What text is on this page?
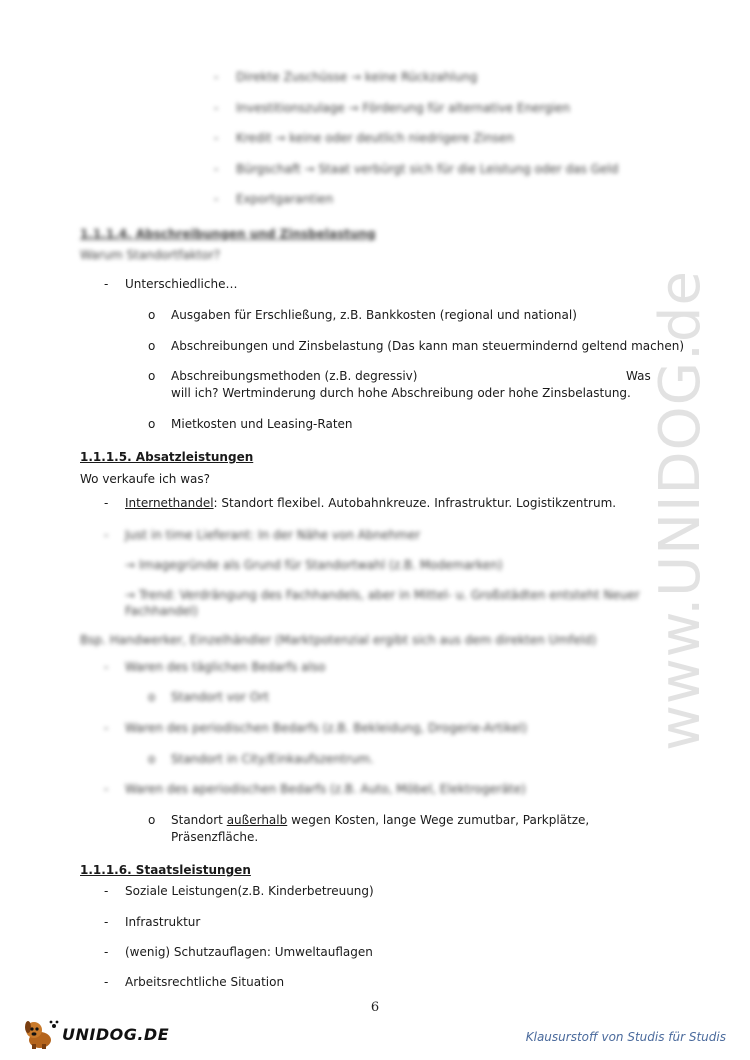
- Direkte Zuschüsse → keine Rückzahlung
- Investitionszulage → Förderung für alternative Energien
- Kredit → keine oder deutlich niedrigere Zinsen
- Bürgschaft → Staat verbürgt sich für die Leistung oder das Geld
- Exportgarantien
1.1.1.4. Abschreibungen und Zinsbelastung
Warum Standortfaktor?
- Unterschiedliche…
o Ausgaben für Erschließung, z.B. Bankkosten (regional und national)
o Abschreibungen und Zinsbelastung (Das kann man steuermindernd geltend machen)
o Abschreibungsmethoden (z.B. degressiv)	Was
will ich? Wertminderung durch hohe Abschreibung oder hohe Zinsbelastung.
o Mietkosten und Leasing-Raten
1.1.1.5. Absatzleistungen
Wo verkaufe ich was?
- Internethandel: Standort flexibel. Autobahnkreuze. Infrastruktur. Logistikzentrum.
- Just in time Lieferant: In der Nähe von Abnehmer
→ Imagegründe als Grund für Standortwahl (z.B. Modemarken)
→ Trend: Verdrängung des Fachhandels, aber in Mittel- u. Großstädten entsteht Neuer
Fachhandel)
Bsp. Handwerker, Einzelhändler (Marktpotenzial ergibt sich aus dem direkten Umfeld)
- Waren des täglichen Bedarfs also
o Standort vor Ort
- Waren des periodischen Bedarfs (z.B. Bekleidung, Drogerie-Artikel)
o Standort in City/Einkaufszentrum.
- Waren des aperiodischen Bedarfs (z.B. Auto, Möbel, Elektrogeräte)
o Standort außerhalb wegen Kosten, lange Wege zumutbar, Parkplätze,
Präsenzfläche.
1.1.1.6. Staatsleistungen
- Soziale Leistungen(z.B. Kinderbetreuung)
- Infrastruktur
- (wenig) Schutzauflagen: Umweltauflagen
- Arbeitsrechtliche Situation
www.UNIDOG.de
6
UNIDOG.DE	Klausurstoff von Studis für Studis
